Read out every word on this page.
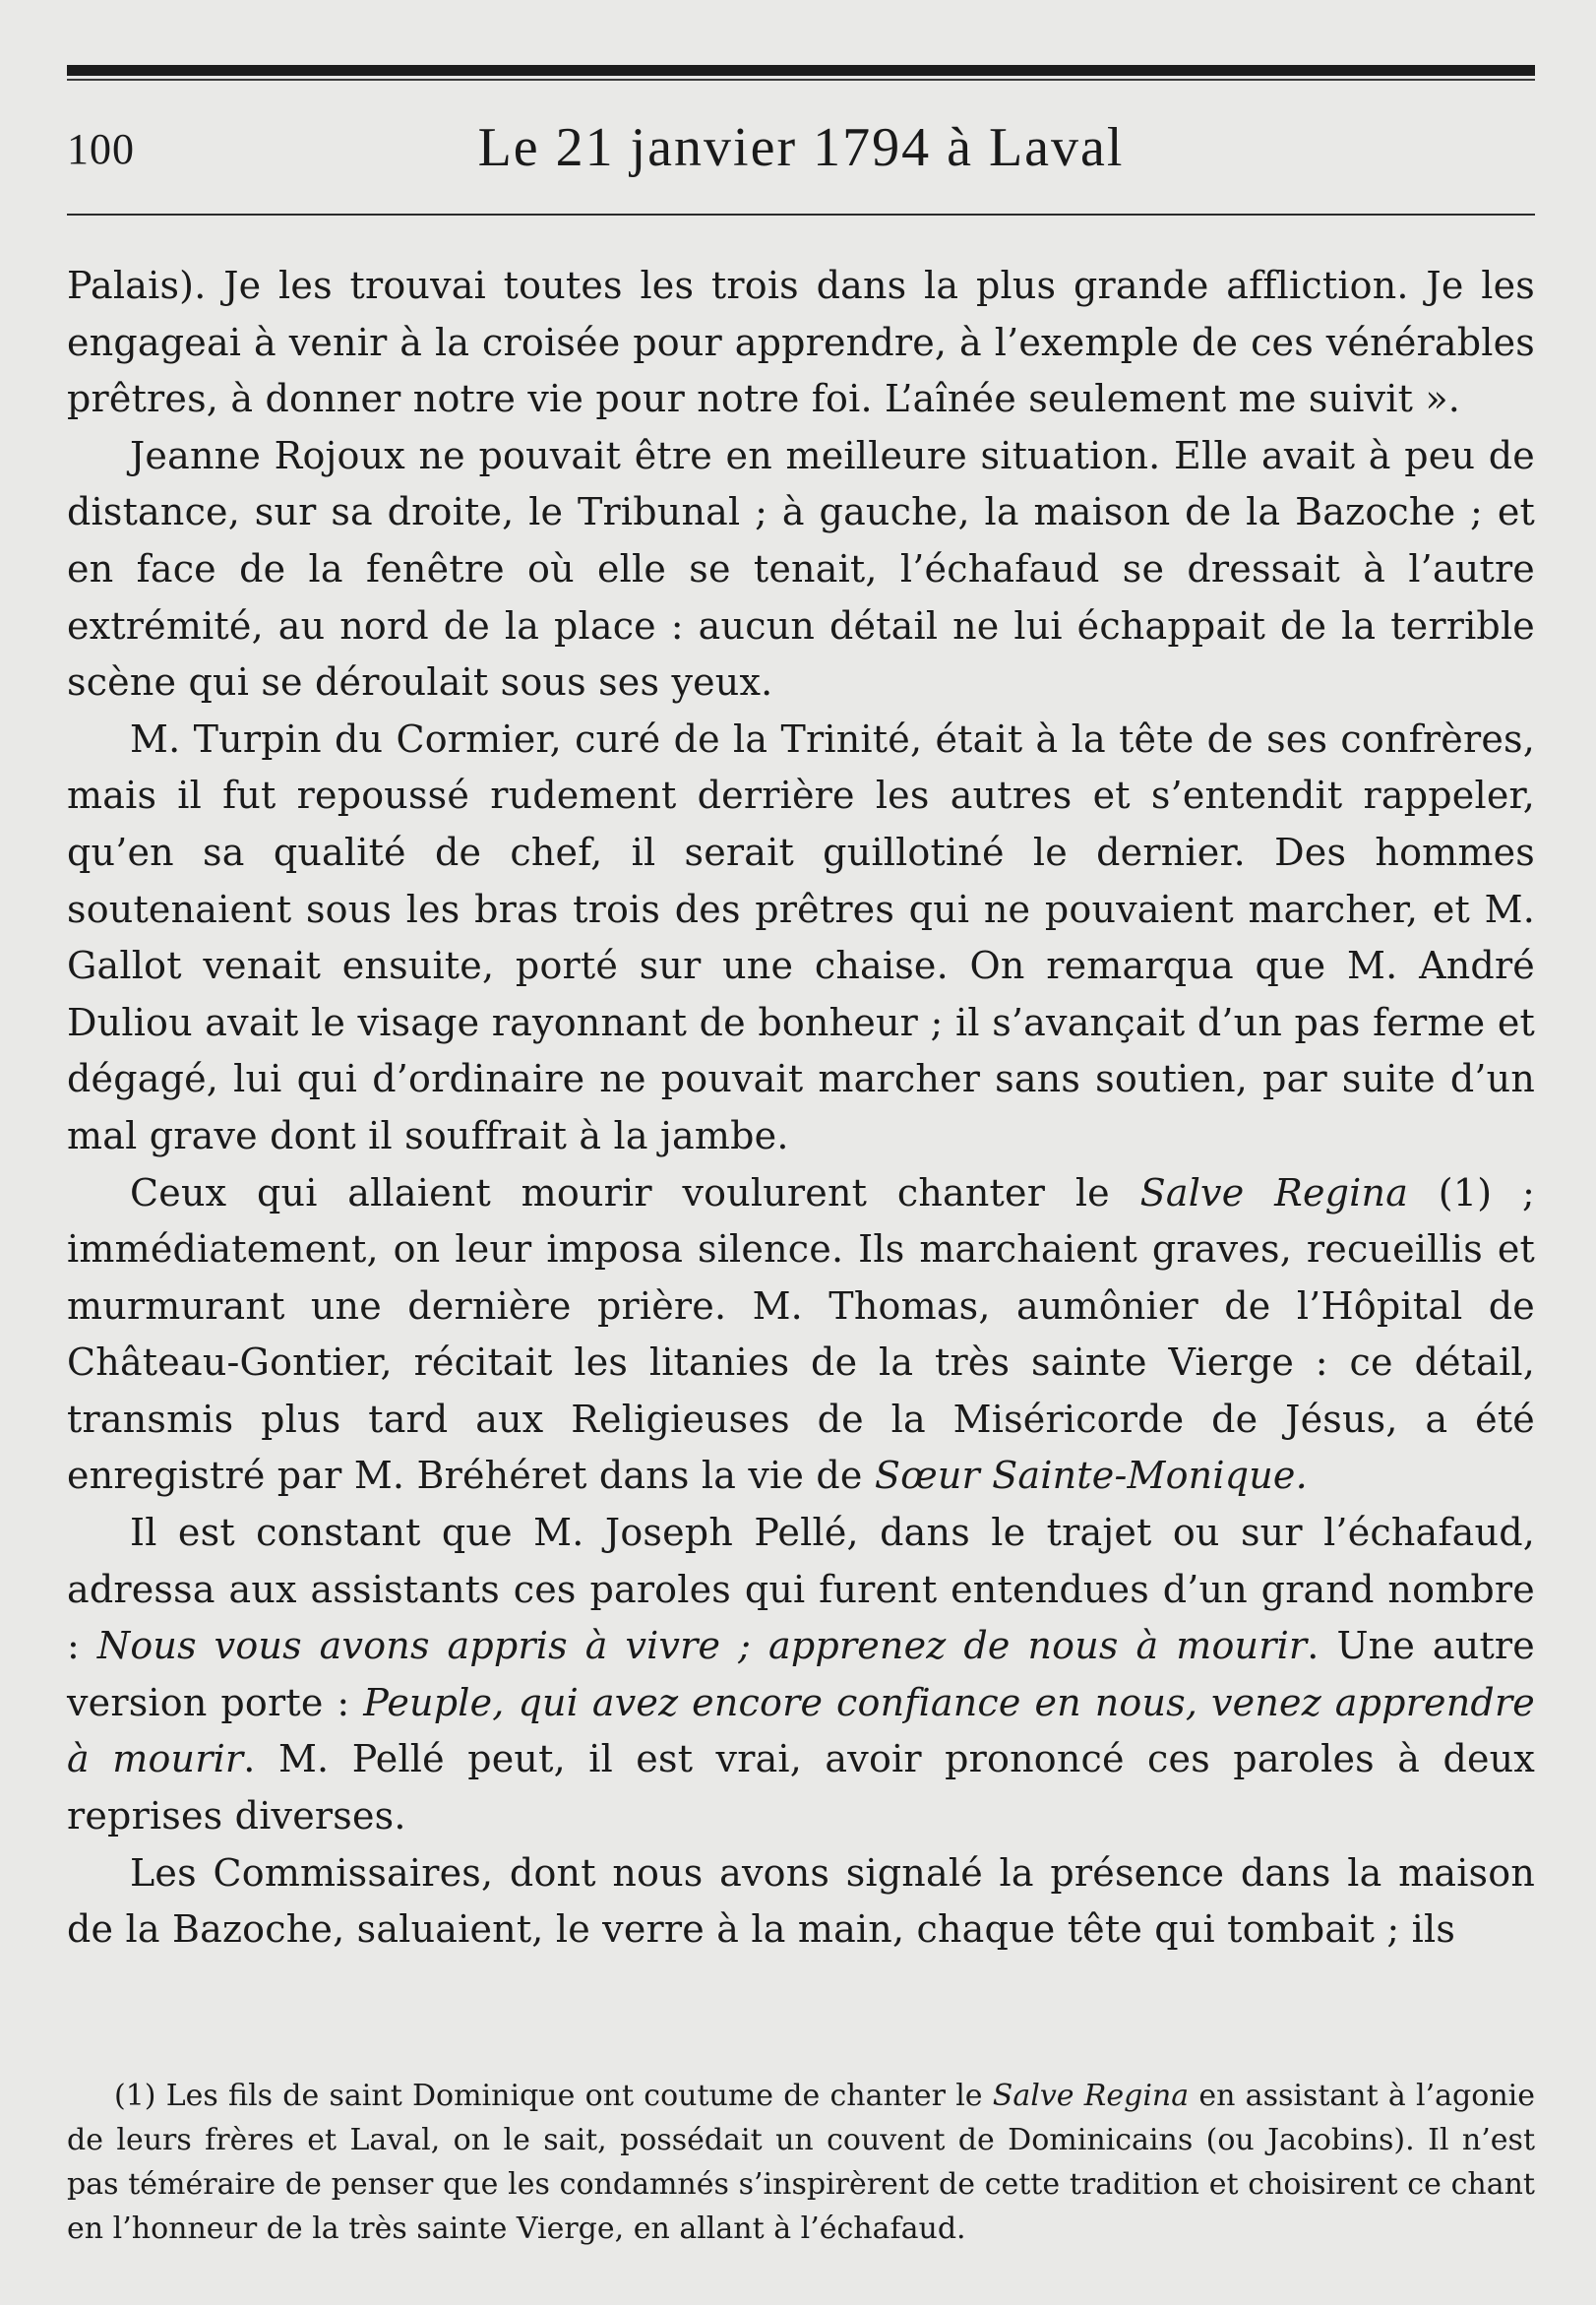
100	Le 21 janvier 1794 à Laval

Palais). Je les trouvai toutes les trois dans la plus grande affliction. Je les engageai à venir à la croisée pour apprendre, à l’exemple de ces vénérables prêtres, à donner notre vie pour notre foi. L’aînée seulement me suivit ».

Jeanne Rojoux ne pouvait être en meilleure situation. Elle avait à peu de distance, sur sa droite, le Tribunal ; à gauche, la maison de la Bazoche ; et en face de la fenêtre où elle se tenait, l’échafaud se dressait à l’autre extrémité, au nord de la place : aucun détail ne lui échappait de la terrible scène qui se déroulait sous ses yeux.

M. Turpin du Cormier, curé de la Trinité, était à la tête de ses confrères, mais il fut repoussé rudement derrière les autres et s’entendit rappeler, qu’en sa qualité de chef, il serait guillotiné le dernier. Des hommes soutenaient sous les bras trois des prêtres qui ne pouvaient marcher, et M. Gallot venait ensuite, porté sur une chaise. On remarqua que M. André Duliou avait le visage rayonnant de bonheur ; il s’avançait d’un pas ferme et dégagé, lui qui d’ordinaire ne pouvait marcher sans soutien, par suite d’un mal grave dont il souffrait à la jambe.

Ceux qui allaient mourir voulurent chanter le Salve Regina (1) ; immédiatement, on leur imposa silence. Ils marchaient graves, recueillis et murmurant une dernière prière. M. Thomas, aumônier de l’Hôpital de Château-Gontier, récitait les litanies de la très sainte Vierge : ce détail, transmis plus tard aux Religieuses de la Miséricorde de Jésus, a été enregistré par M. Bréhéret dans la vie de Sœur Sainte-Monique.

Il est constant que M. Joseph Pellé, dans le trajet ou sur l’échafaud, adressa aux assistants ces paroles qui furent entendues d’un grand nombre : Nous vous avons appris à vivre ; apprenez de nous à mourir. Une autre version porte : Peuple, qui avez encore confiance en nous, venez apprendre à mourir. M. Pellé peut, il est vrai, avoir prononcé ces paroles à deux reprises diverses.

Les Commissaires, dont nous avons signalé la présence dans la maison de la Bazoche, saluaient, le verre à la main, chaque tête qui tombait ; ils

(1) Les fils de saint Dominique ont coutume de chanter le Salve Regina en assistant à l’agonie de leurs frères et Laval, on le sait, possédait un couvent de Dominicains (ou Jacobins). Il n’est pas téméraire de penser que les condamnés s’inspirèrent de cette tradition et choisirent ce chant en l’honneur de la très sainte Vierge, en allant à l’échafaud.
